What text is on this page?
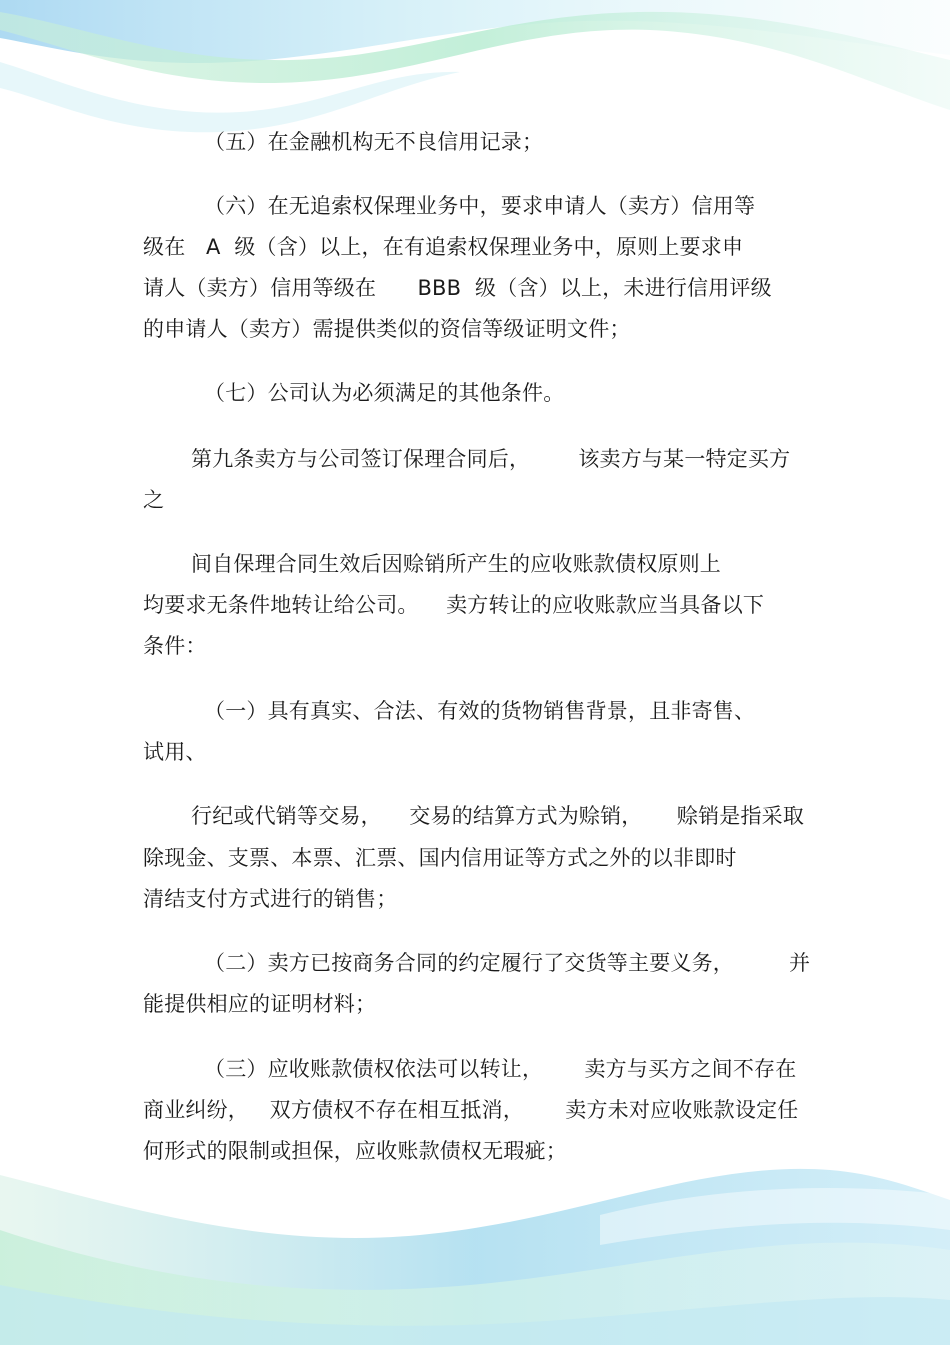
（五）在金融机构无不良信用记录；
（六）在无追索权保理业务中，要求申请人（卖方）信用等
级在   A  级（含）以上，在有追索权保理业务中，原则上要求申
请人（卖方）信用等级在      BBB  级（含）以上，未进行信用评级
的申请人（卖方）需提供类似的资信等级证明文件；
（七）公司认为必须满足的其他条件。
第九条卖方与公司签订保理合同后，       该卖方与某一特定买方
之
间自保理合同生效后因赊销所产生的应收账款债权原则上
均要求无条件地转让给公司。    卖方转让的应收账款应当具备以下
条件：
（一）具有真实、合法、有效的货物销售背景，且非寄售、
试用、
行纪或代销等交易，    交易的结算方式为赊销，     赊销是指采取
除现金、支票、本票、汇票、国内信用证等方式之外的以非即时
清结支付方式进行的销售；
（二）卖方已按商务合同的约定履行了交货等主要义务，        并
能提供相应的证明材料；
（三）应收账款债权依法可以转让，      卖方与买方之间不存在
商业纠纷，   双方债权不存在相互抵消，      卖方未对应收账款设定任
何形式的限制或担保，应收账款债权无瑕疵；
